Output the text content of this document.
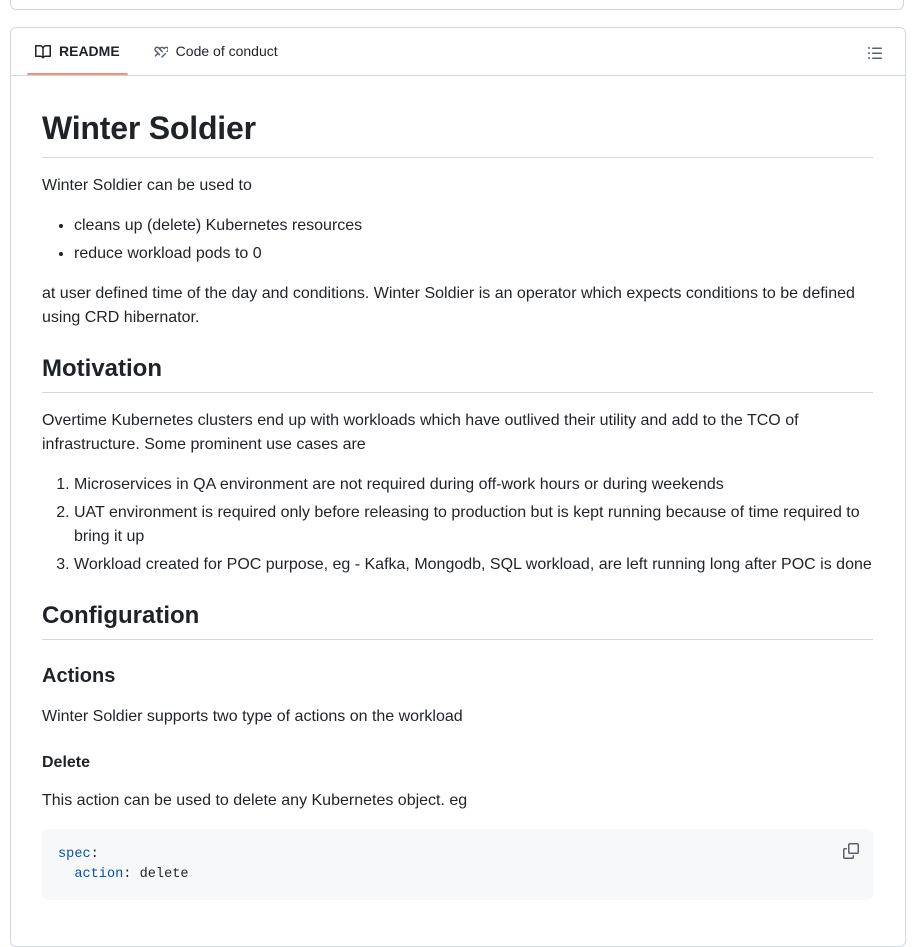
README	Code of conduct
Winter Soldier

Winter Soldier can be used to

• cleans up (delete) Kubernetes resources
• reduce workload pods to 0

at user defined time of the day and conditions. Winter Soldier is an operator which expects conditions to be defined using CRD hibernator.

Motivation

Overtime Kubernetes clusters end up with workloads which have outlived their utility and add to the TCO of infrastructure. Some prominent use cases are

1. Microservices in QA environment are not required during off-work hours or during weekends
2. UAT environment is required only before releasing to production but is kept running because of time required to bring it up
3. Workload created for POC purpose, eg - Kafka, Mongodb, SQL workload, are left running long after POC is done
Configuration
Actions

Winter Soldier supports two type of actions on the workload

Delete

This action can be used to delete any Kubernetes object. eg

spec:
action: delete
